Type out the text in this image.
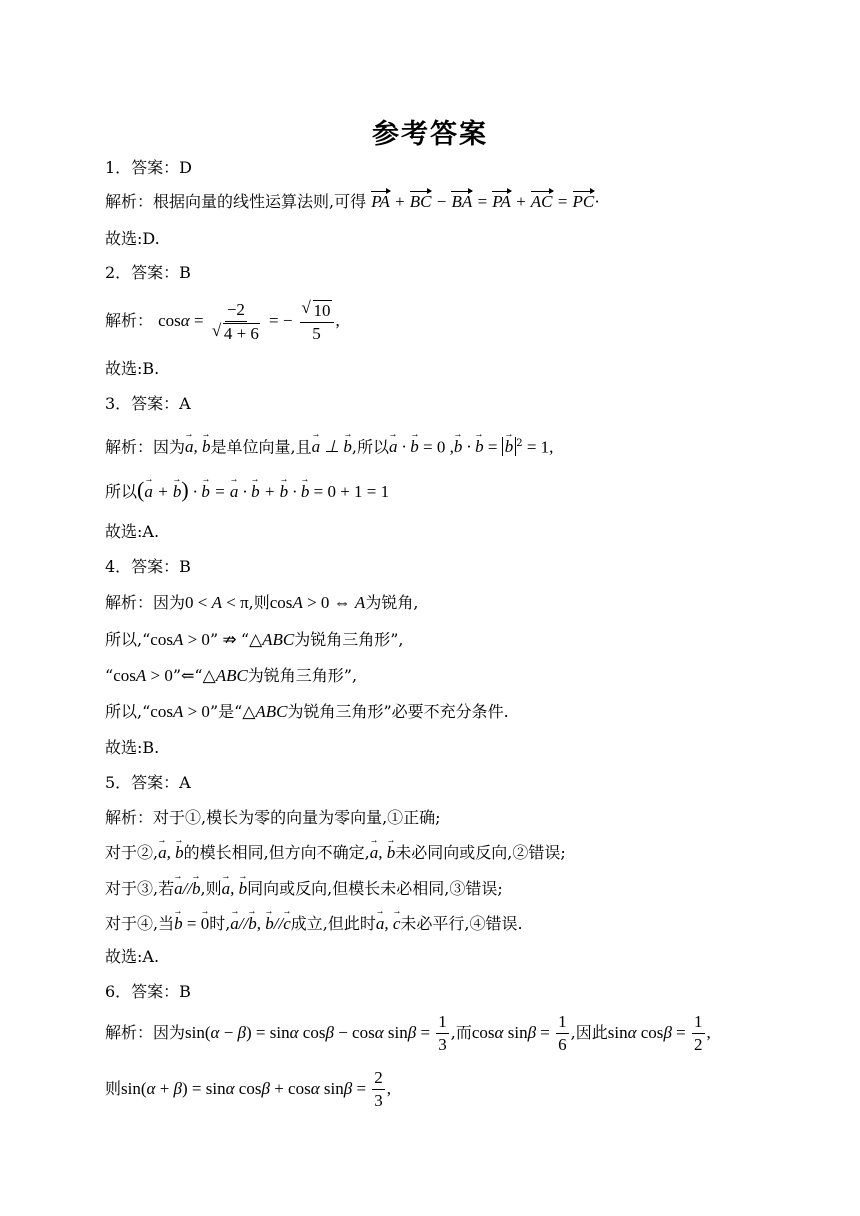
参考答案
1．答案：D
解析：根据向量的线性运算法则,可得 PA + BC − BA = PA + AC = PC·
故选:D.
2．答案：B
解析： cosα = −2
√ 4 + 6 = −
√ $\frac{10}{5}$ ,
故选:B.
3．答案：A
解析：因为→ a, → b是单位向量,且→ a ⊥ → b,所以→ a · → b = 0 ,→ b · → b = → b $^2$ = 1,
所以(→ a + → b) · → b = → a · → b + → b · → b = 0 + 1 = 1
故选:A.
4．答案：B
解析：因为0 < A < π,则cosA > 0 ⇔ A为锐角,
所以,“cosA > 0” ⇏ “△ABC为锐角三角形”,
“cosA > 0”⇐“△ABC为锐角三角形”,
所以,“cosA > 0”是“△ABC为锐角三角形”必要不充分条件.
故选:B.
5．答案：A
解析：对于①,模长为零的向量为零向量,①正确;
对于②,→ a, → b的模长相同,但方向不确定,→ a, → b未必同向或反向,②错误;
对于③,若→ a//→ b,则→ a, → b同向或反向,但模长未必相同,③错误;
对于④,当→ b = → 0时,→ a//→ b, → b//→ c成立,但此时→ a, → c未必平行,④错误.
故选:A.
6．答案：B
解析：因为sin(α − β) = sinα cosβ − cosα $\sin\beta = \frac{1}{3}$ ,而cosα $\sin\beta = \frac{1}{6}$ ,因此sinα $\cos\beta = \frac{1}{2}$ ,
则sin(α + β) = sinα cosβ + cosα $\sin\beta = \frac{2}{3}$ ,
